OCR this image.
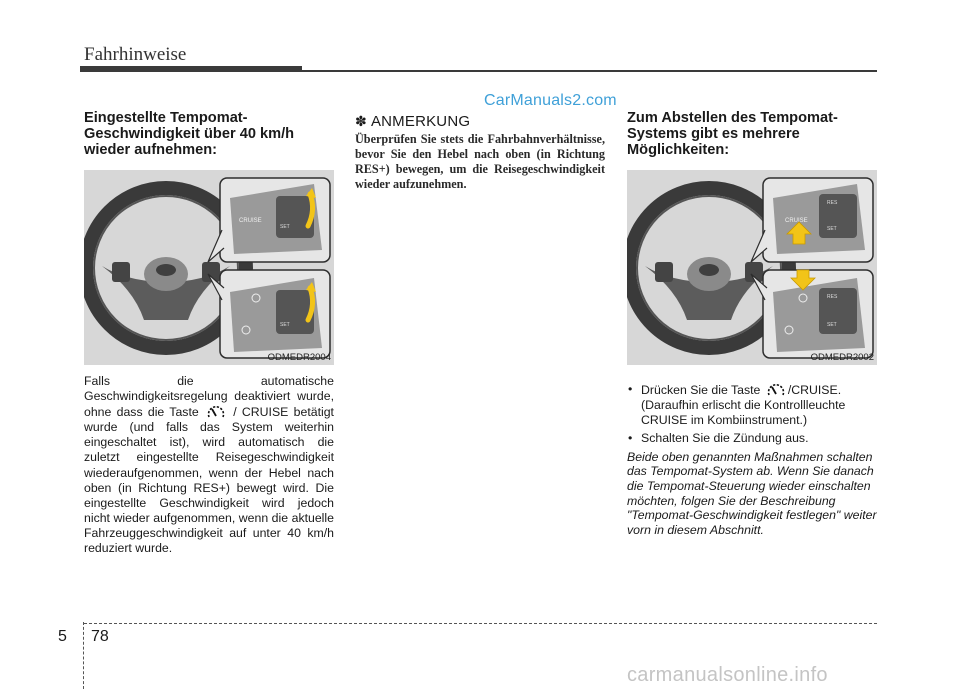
Fahrhinweise
CarManuals2.com
Eingestellte Tempomat-
Geschwindigkeit über 40 km/h
wieder aufnehmen:
CRUISE
SET
SET
ODMEDR2004
Falls die automatische Geschwindigkeitsregelung deaktiviert wurde, ohne dass die Taste	/ CRUISE betätigt wurde (und falls das System weiterhin eingeschaltet ist), wird automatisch die zuletzt eingestellte Reisegeschwindigkeit wiederaufgenommen, wenn der Hebel nach oben (in Richtung RES+) bewegt wird. Die eingestellte Geschwindigkeit wird jedoch nicht wieder aufgenommen, wenn die aktuelle Fahrzeuggeschwindigkeit auf unter 40 km/h reduziert wurde.
✽ ANMERKUNG
Überprüfen Sie stets die Fahrbahnverhältnisse, bevor Sie den Hebel nach oben (in Richtung RES+) bewegen, um die Reisegeschwindigkeit wieder aufzunehmen.
Zum Abstellen des Tempomat-
Systems gibt es mehrere
Möglichkeiten:
CRUISE
RES
SET
RES
SET
ODMEDR2002
• Drücken Sie die Taste /CRUISE. (Daraufhin erlischt die Kontrollleuchte CRUISE im Kombiinstrument.)
• Schalten Sie die Zündung aus.
Beide oben genannten Maßnahmen schalten das Tempomat-System ab. Wenn Sie danach die Tempomat-Steuerung wieder einschalten möchten, folgen Sie der Beschreibung "Tempomat-Geschwindigkeit festlegen" weiter vorn in diesem Abschnitt.
5 78
carmanualsonline.info
